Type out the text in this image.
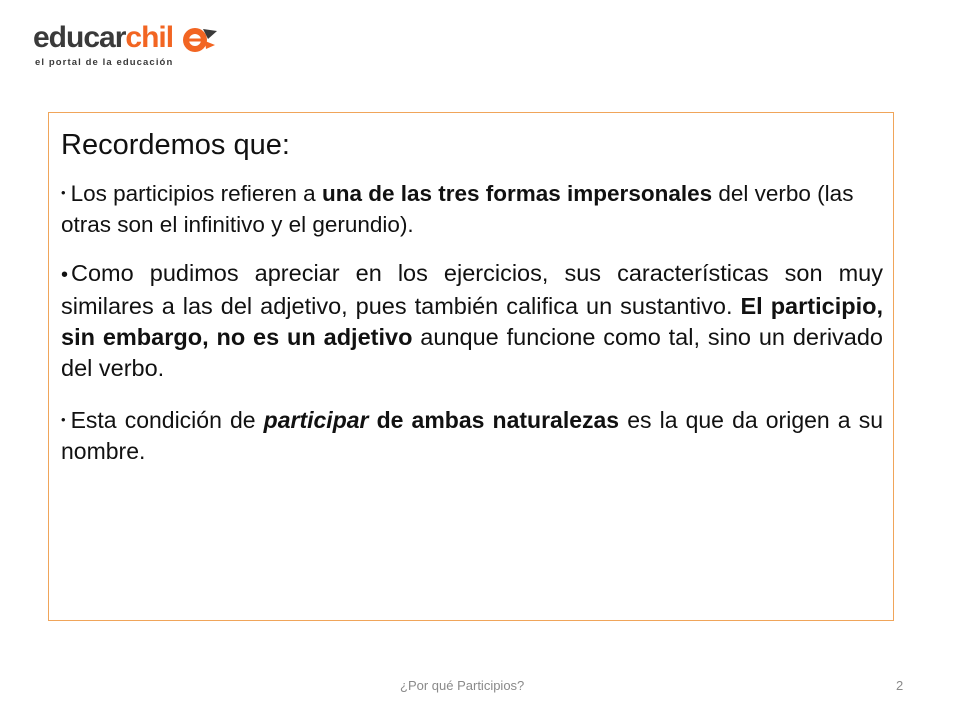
educarchil
el portal de la educación
Recordemos que:

• Los participios refieren a una de las tres formas impersonales del verbo (las otras son el infinitivo y el gerundio).

• Como pudimos apreciar en los ejercicios, sus características son muy similares a las del adjetivo, pues también califica un sustantivo. El participio, sin embargo, no es un adjetivo aunque funcione como tal, sino un derivado del verbo.

• Esta condición de participar de ambas naturalezas es la que da origen a su nombre.

¿Por qué Participios?	2
